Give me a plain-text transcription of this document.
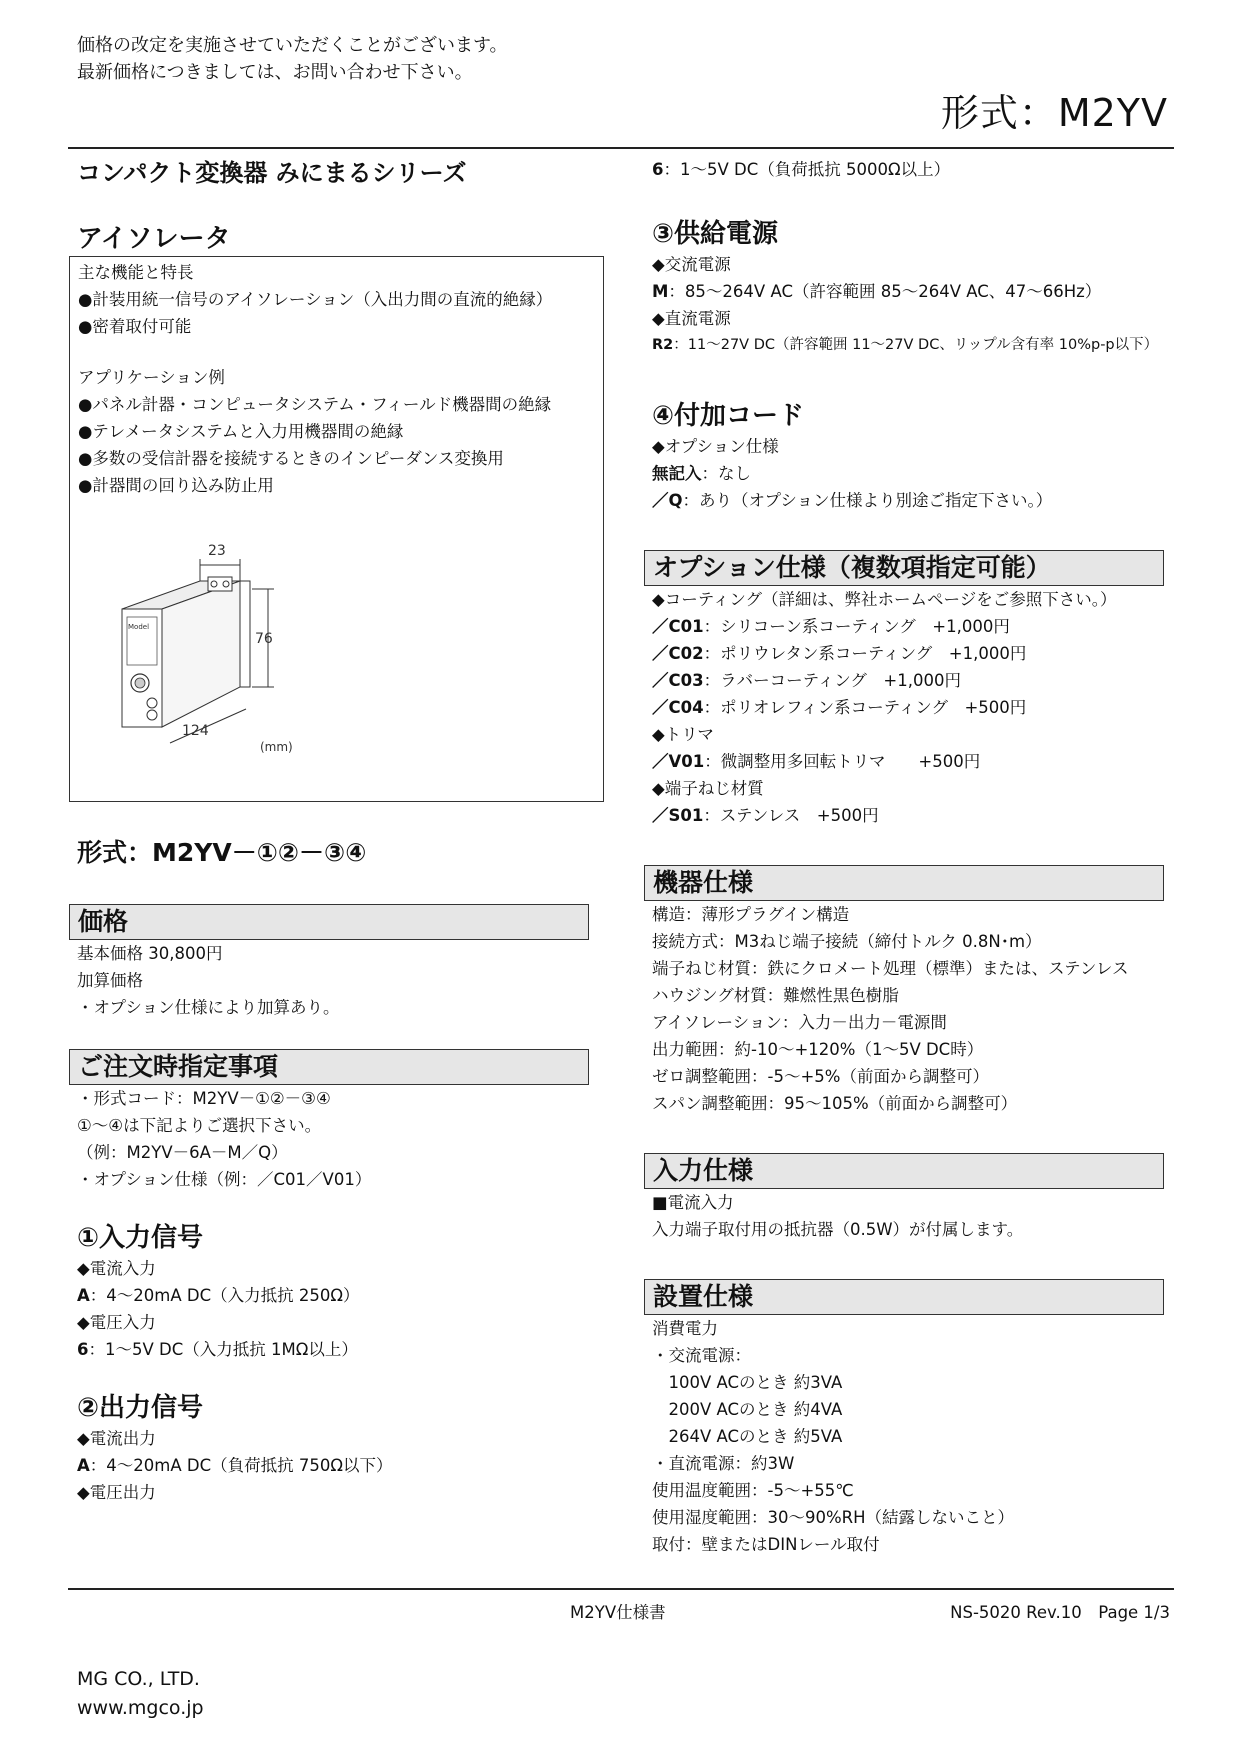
価格の改定を実施させていただくことがございます。
最新価格につきましては、お問い合わせ下さい。
形式：M2YV
コンパクト変換器 みにまるシリーズ
アイソレータ
主な機能と特長
●計装用統一信号のアイソレーション（入出力間の直流的絶縁）
●密着取付可能
アプリケーション例
●パネル計器・コンピュータシステム・フィールド機器間の絶縁
●テレメータシステムと入力用機器間の絶縁
●多数の受信計器を接続するときのインピーダンス変換用
●計器間の回り込み防止用
23
Model
76
124
(mm)
形式：M2YV－①②－③④
価格
基本価格 30,800円
加算価格
・オプション仕様により加算あり。
ご注文時指定事項
・形式コード：M2YV－①②－③④
①～④は下記よりご選択下さい。
（例：M2YV－6A－M／Q）
・オプション仕様（例：／C01／V01）
①入力信号
◆電流入力
A：4～20mA DC（入力抵抗 250Ω）
◆電圧入力
6：1～5V DC（入力抵抗 1MΩ以上）
②出力信号
◆電流出力
A：4～20mA DC（負荷抵抗 750Ω以下）
◆電圧出力
6：1～5V DC（負荷抵抗 5000Ω以上）
③供給電源
◆交流電源
M：85～264V AC（許容範囲 85～264V AC、47～66Hz）
◆直流電源
R2：11～27V DC（許容範囲 11～27V DC、リップル含有率 10%p-p以下）
④付加コード
◆オプション仕様
無記入：なし
／Q：あり（オプション仕様より別途ご指定下さい。）
オプション仕様（複数項指定可能）
◆コーティング（詳細は、弊社ホームページをご参照下さい。）
／C01：シリコーン系コーティング　+1,000円
／C02：ポリウレタン系コーティング　+1,000円
／C03：ラバーコーティング　+1,000円
／C04：ポリオレフィン系コーティング　+500円
◆トリマ
／V01：微調整用多回転トリマ　　+500円
◆端子ねじ材質
／S01：ステンレス　+500円
機器仕様
構造：薄形プラグイン構造
接続方式：M3ねじ端子接続（締付トルク 0.8N･m）
端子ねじ材質：鉄にクロメート処理（標準）または、ステンレス
ハウジング材質：難燃性黒色樹脂
アイソレーション：入力－出力－電源間
出力範囲：約-10～+120%（1～5V DC時）
ゼロ調整範囲：-5～+5%（前面から調整可）
スパン調整範囲：95～105%（前面から調整可）
入力仕様
■電流入力
入力端子取付用の抵抗器（0.5W）が付属します。
設置仕様
消費電力
・交流電源：
　100V ACのとき 約3VA
　200V ACのとき 約4VA
　264V ACのとき 約5VA
・直流電源：約3W
使用温度範囲：-5～+55℃
使用湿度範囲：30～90%RH（結露しないこと）
取付：壁またはDINレール取付
M2YV仕様書	NS-5020 Rev.10　Page 1/3
MG CO., LTD.
www.mgco.jp
